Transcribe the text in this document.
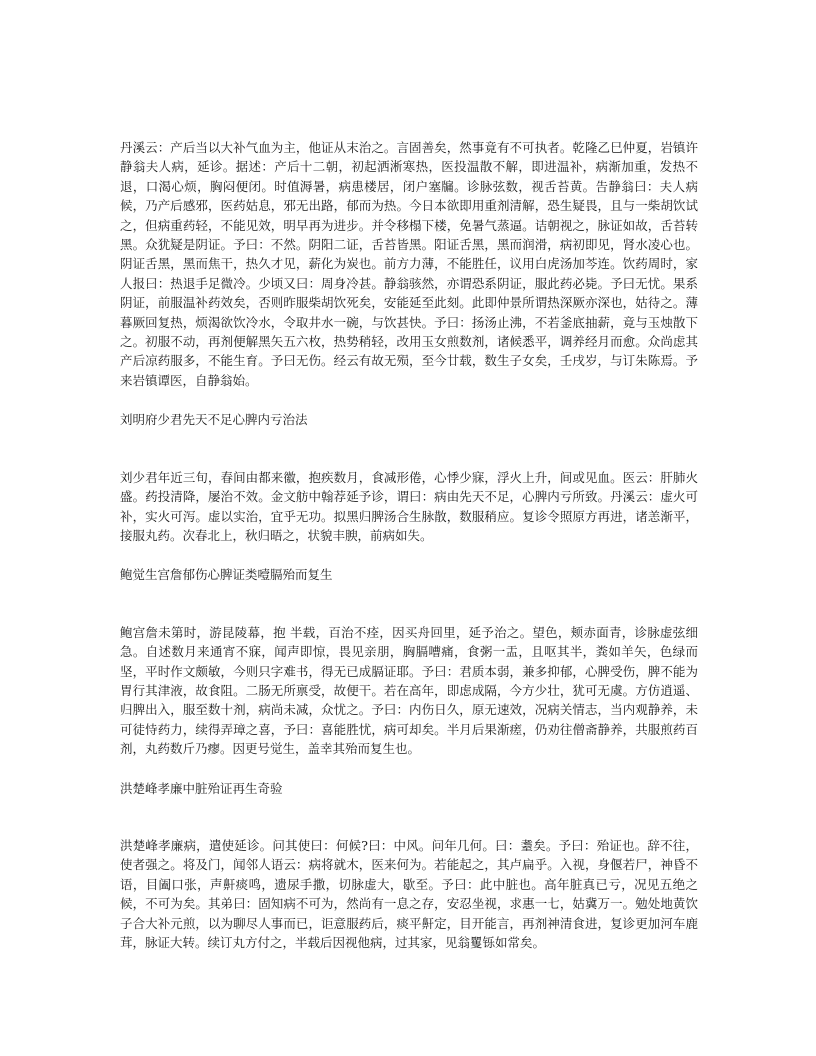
丹溪云：产后当以大补气血为主，他证从末治之。言固善矣，然事竟有不可执者。乾隆乙巳仲夏，岩镇许静翁夫人病，延诊。据述：产后十二朝，初起洒淅寒热，医投温散不解，即进温补，病渐加重，发热不退，口渴心烦，胸闷便闭。时值溽暑，病患楼居，闭户塞牖。诊脉弦数，视舌苔黄。告静翁曰：夫人病候，乃产后感邪，医药姑息，邪无出路，郁而为热。今日本欲即用重剂清解，恐生疑畏，且与一柴胡饮试之，但病重药轻，不能见效，明早再为进步。并令移榻下楼，免暑气蒸逼。诘朝视之，脉证如故，舌苔转黑。众犹疑是阴证。予曰：不然。阴阳二证，舌苔皆黑。阳证舌黑，黑而润滑，病初即见，肾水凌心也。阴证舌黑，黑而焦干，热久才见，薪化为炭也。前方力薄，不能胜任，议用白虎汤加芩连。饮药周时，家人报曰：热退手足微冷。少顷又曰：周身冷甚。静翁骇然，亦谓恐系阴证，服此药必毙。予曰无忧。果系阴证，前服温补药效矣，否则昨服柴胡饮死矣，安能延至此刻。此即仲景所谓热深厥亦深也，姑待之。薄暮厥回复热，烦渴欲饮冷水，令取井水一碗，与饮甚快。予曰：扬汤止沸，不若釜底抽薪，竟与玉烛散下之。初服不动，再剂便解黑矢五六枚，热势稍轻，改用玉女煎数剂，诸候悉平，调养经月而愈。众尚虑其产后凉药服多，不能生育。予曰无伤。经云有故无殒，至今廿载，数生子女矣，壬戌岁，与订朱陈焉。予来岩镇谭医，自静翁始。

刘明府少君先天不足心脾内亏治法

刘少君年近三旬，春间由都来徽，抱疾数月，食减形倦，心悸少寐，浮火上升，间或见血。医云：肝肺火盛。药投清降，屡治不效。金文舫中翰荐延予诊，谓曰：病由先天不足，心脾内亏所致。丹溪云：虚火可补，实火可泻。虚以实治，宜乎无功。拟黑归脾汤合生脉散，数服稍应。复诊令照原方再进，诸恙渐平，接服丸药。次春北上，秋归晤之，状貌丰腴，前病如失。

鲍觉生宫詹郁伤心脾证类噎膈殆而复生

鲍宫詹未第时，游昆陵幕，抱 半载，百治不痊，因买舟回里，延予治之。望色，颊赤面青，诊脉虚弦细急。自述数月来通宵不寐，闻声即惊，畏见亲朋，胸膈嘈痛，食粥一盂，且呕其半，粪如羊矢，色绿而坚，平时作文颇敏，今则只字难书，得无已成膈证耶。予曰：君质本弱，兼多抑郁，心脾受伤，脾不能为胃行其津液，故食阻。二肠无所禀受，故便干。若在高年，即虑成隔，今方少壮，犹可无虞。方仿逍遥、归脾出入，服至数十剂，病尚未减，众忧之。予曰：内伤日久，原无速效，况病关情志，当内观静养，未可徒恃药力，续得弄璋之喜，予曰：喜能胜忧，病可却矣。半月后果渐瘥，仍劝往僧斋静养，共服煎药百剂，丸药数斤乃瘳。因更号觉生，盖幸其殆而复生也。

洪楚峰孝廉中脏殆证再生奇验

洪楚峰孝廉病，遣使延诊。问其使曰：何候?曰：中风。问年几何。曰：耋矣。予曰：殆证也。辞不往，使者强之。将及门，闻邻人语云：病将就木，医来何为。若能起之，其卢扁乎。入视，身偃若尸，神昏不语，目阖口张，声鼾痰鸣，遗尿手撒，切脉虚大，歇至。予曰：此中脏也。高年脏真已亏，况见五绝之候，不可为矣。其弟曰：固知病不可为，然尚有一息之存，安忍坐视，求惠一七，姑冀万一。勉处地黄饮子合大补元煎，以为聊尽人事而已，讵意服药后，痰平鼾定，目开能言，再剂神清食进，复诊更加河车鹿茸，脉证大转。续订丸方付之，半载后因视他病，过其家，见翁矍铄如常矣。
